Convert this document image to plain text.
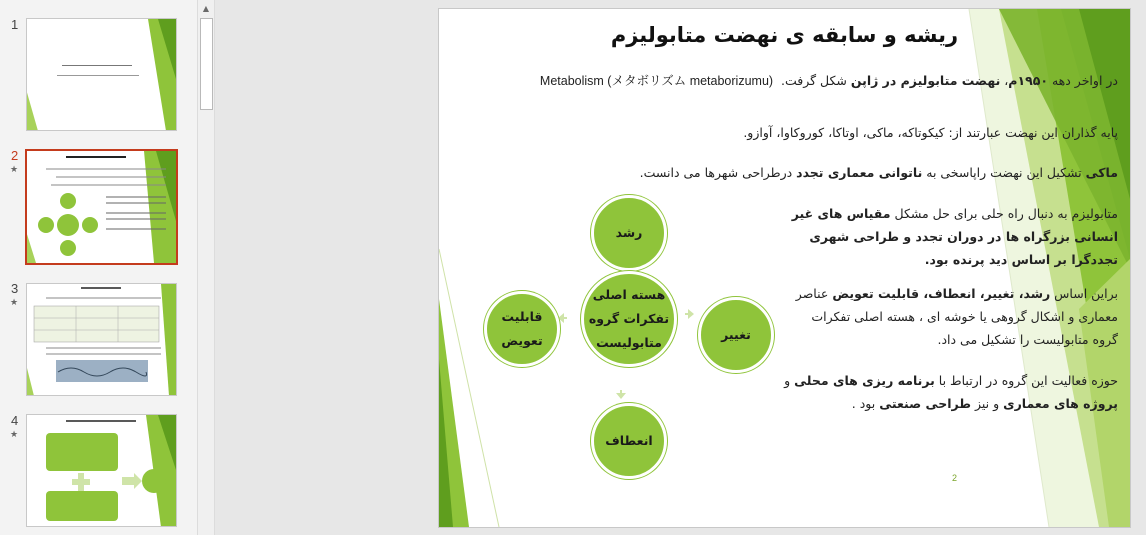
1
2
★
3
★
4
★
▲
ریشه و سابقه ی نهضت متابولیزم
در اواخر دهه ۱۹۵۰م، نهضت متابولیزم در ژاپن شکل گرفت.  Metabolism (メタボリズム metaborizumu)
پایه گذاران این نهضت عبارتند از: کیکوتاکه، ماکی، اوتاکا، کوروکاوا، آوازو.
ماکی تشکیل این نهضت راپاسخی به ناتوانی معماری تجدد درطراحی شهرها می دانست.
متابولیزم به دنبال راه حلی برای حل مشکل مقیاس های غیر انسانی بزرگراه ها در دوران تجدد و طراحی شهری تجددگرا بر اساس دید پرنده بود.
براین اساس رشد، تغییر، انعطاف، قابلیت تعویض عناصر معماری و اشکال گروهی یا خوشه ای ، هسته اصلی تفکرات گروه متابولیست را تشکیل می داد.
حوزه فعالیت این گروه در ارتباط با برنامه ریزی های محلی و پروژه های معماری و نیز طراحی صنعتی بود .
رشد
هسته اصلی تفکرات گروه متابولیست
انعطاف
قابلیت تعویض	تغییر
2
